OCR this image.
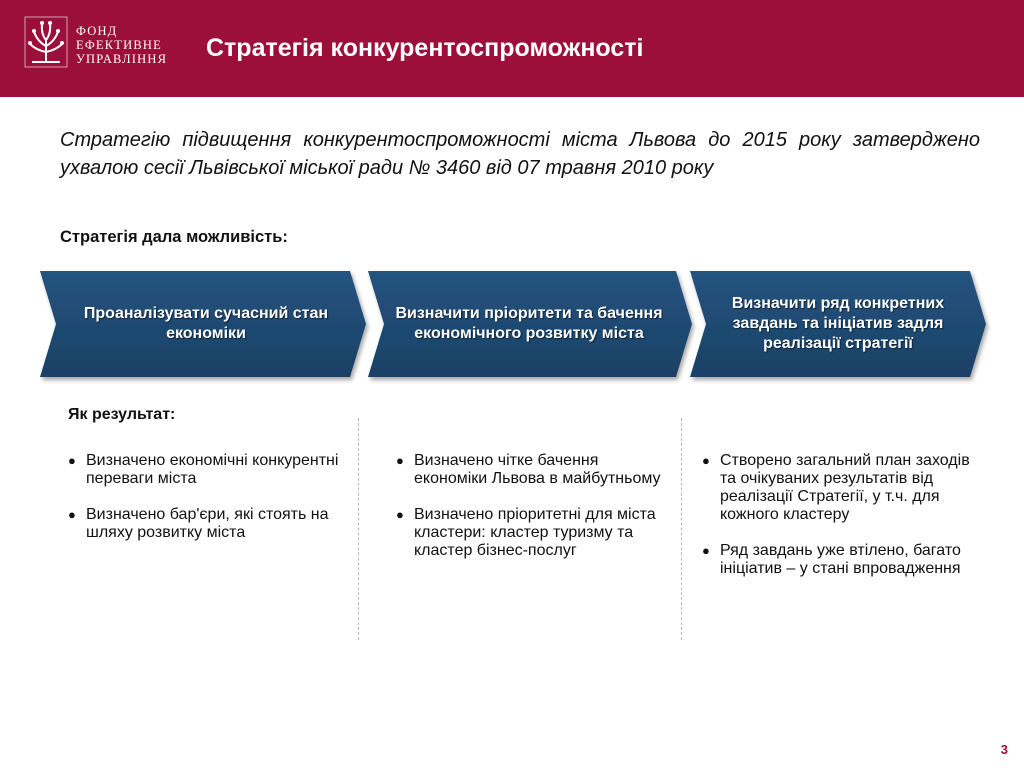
ФОНД
ЕФЕКТИВНЕ
УПРАВЛІННЯ Стратегія конкурентоспроможності
Стратегію підвищення конкурентоспроможності міста Львова до 2015 року затверджено ухвалою сесії Львівської міської ради № 3460 від 07 травня 2010 року
Стратегія дала можливість:
Проаналізувати сучасний стан економіки
Визначити пріоритети та бачення економічного розвитку міста
Визначити ряд конкретних завдань та ініціатив задля реалізації стратегії
Як результат:
● Визначено економічні конкурентні переваги міста
● Визначено бар'єри, які стоять на шляху розвитку міста
● Визначено чітке бачення економіки Львова в майбутньому
● Визначено пріоритетні для міста кластери: кластер туризму та кластер бізнес-послуг
● Створено загальний план заходів та очікуваних результатів від реалізації Стратегії, у т.ч. для кожного кластеру
● Ряд завдань уже втілено, багато ініціатив – у стані впровадження
3
